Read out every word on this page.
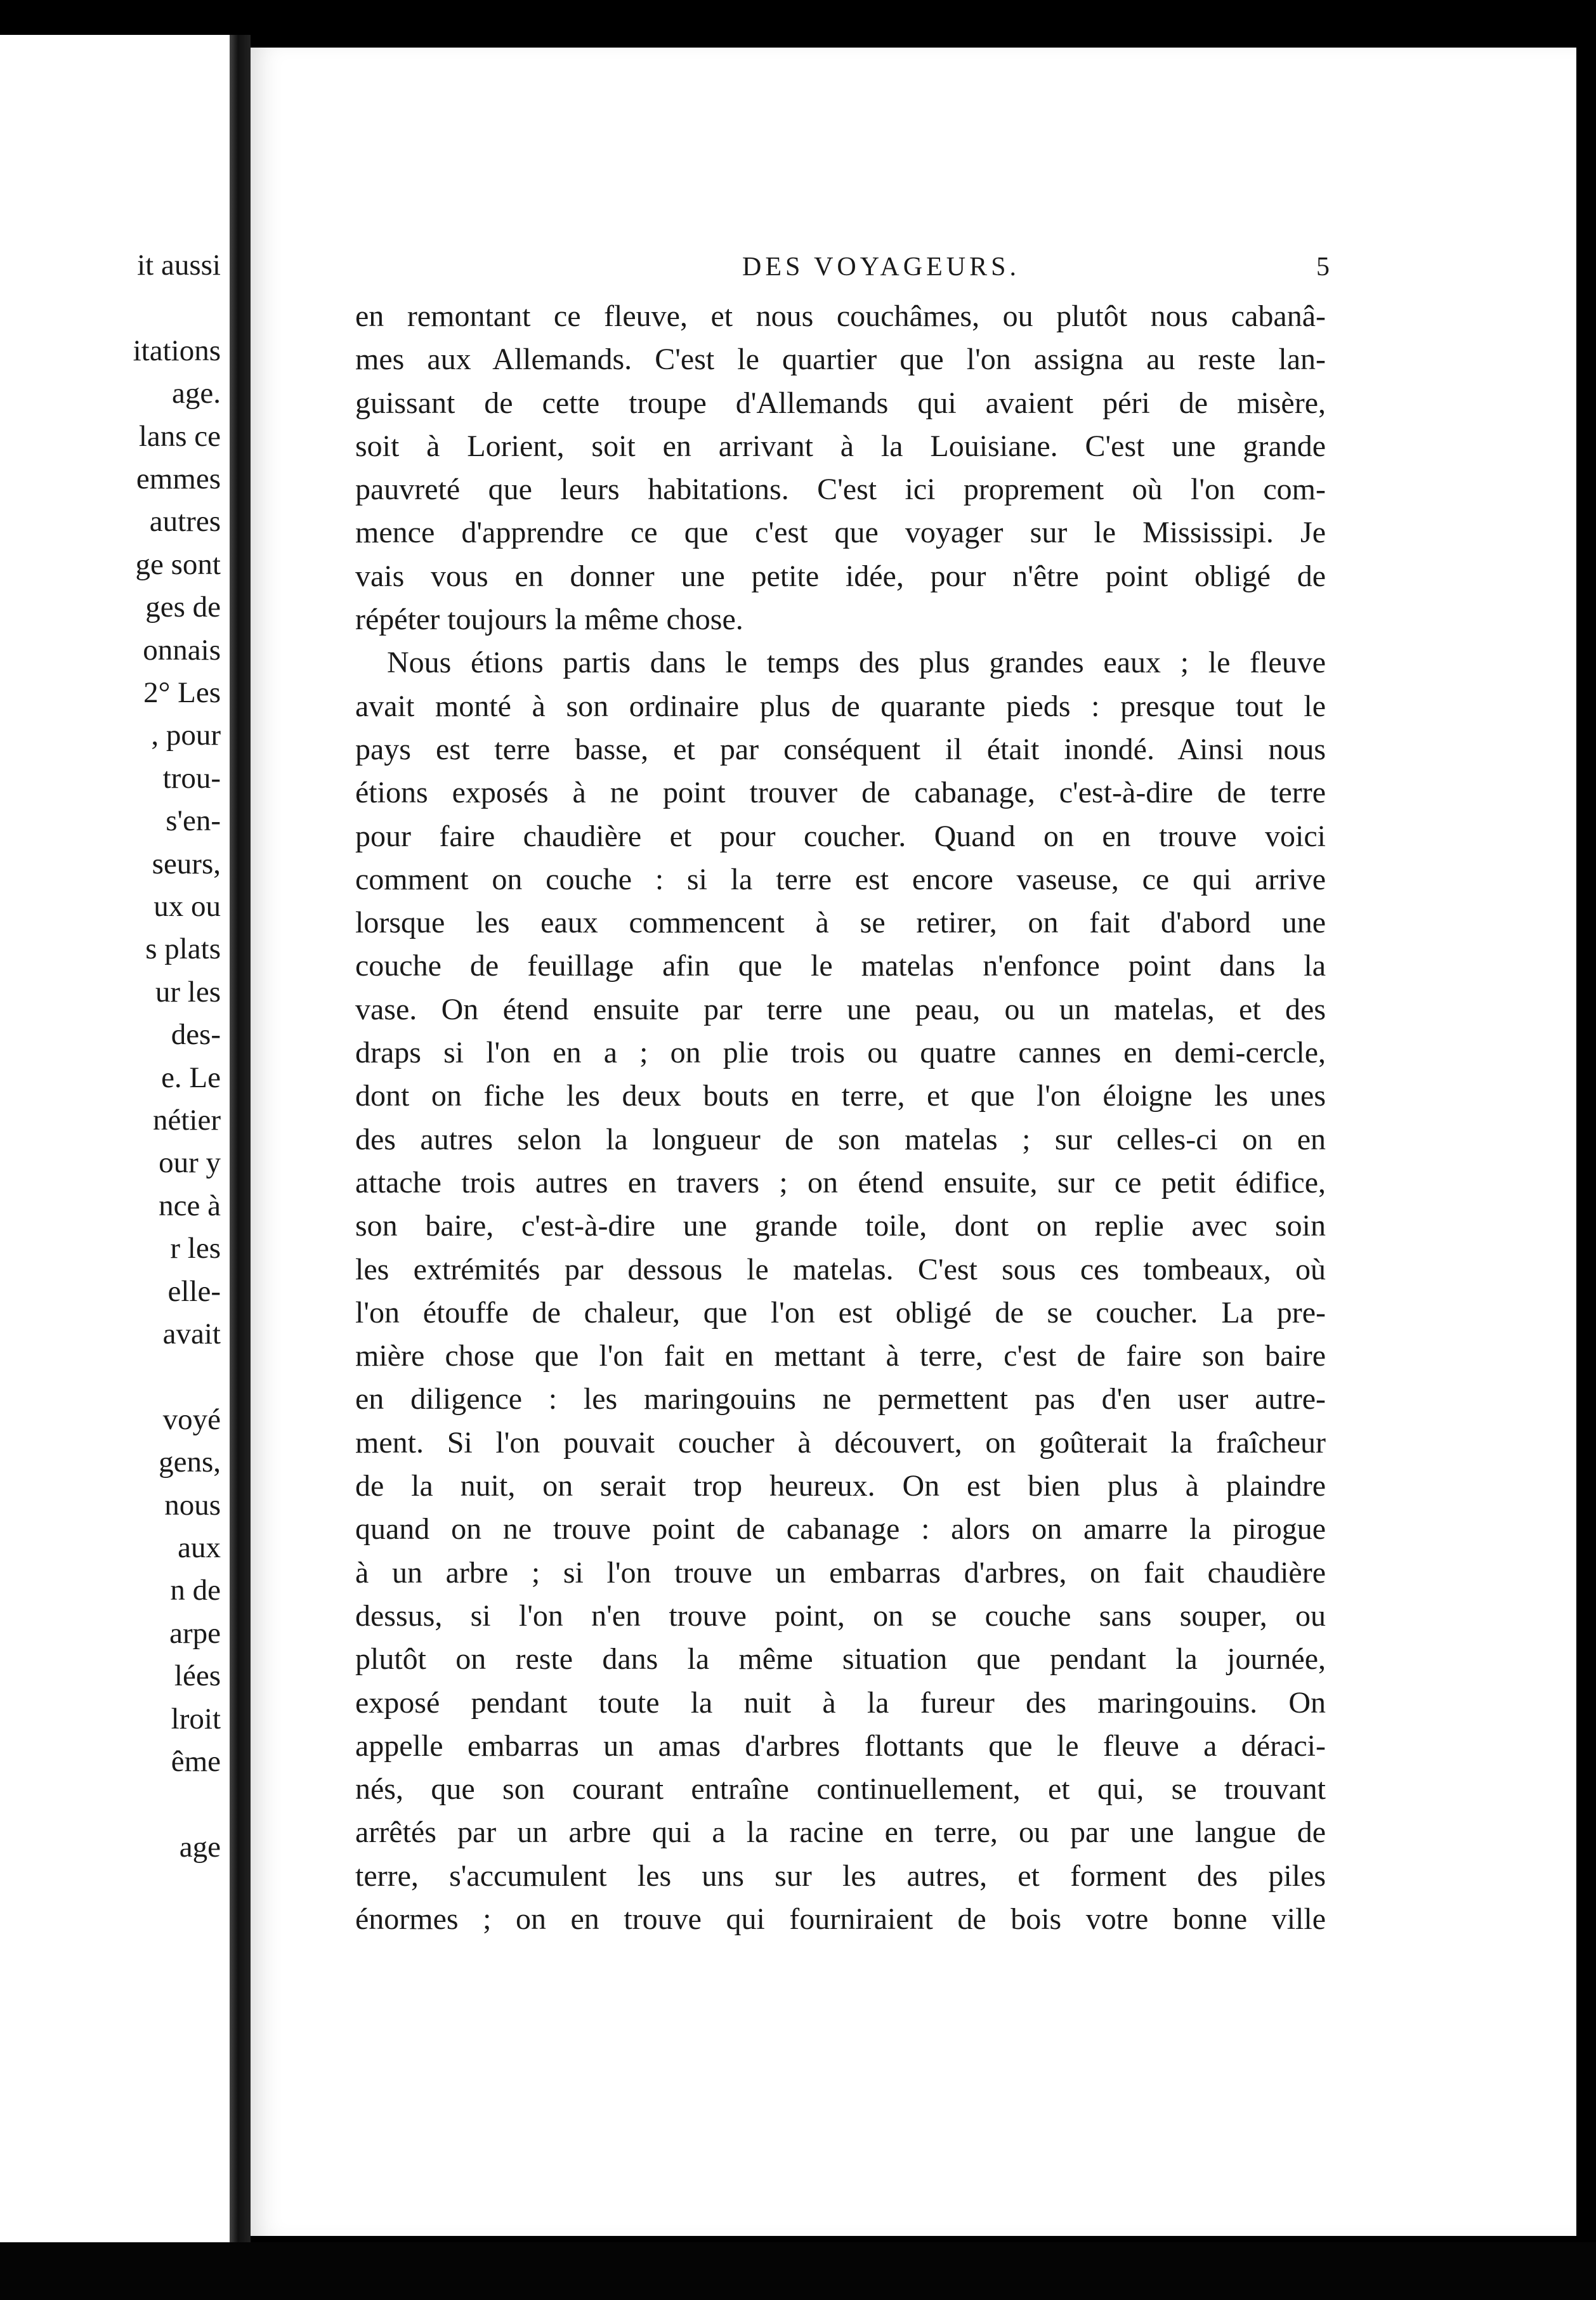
it aussi
itations
age.
lans ce
emmes
autres
ge sont
ges de
onnais
2° Les
, pour
trou-
s'en-
seurs,
ux ou
s plats
ur les
des-
e. Le
nétier
our y
nce à
r les
elle-
avait
voyé
gens,
nous
aux
n de
arpe
lées
lroit
ême
age
DES VOYAGEURS.	5
en remontant ce fleuve, et nous couchâmes, ou plutôt nous cabanâ-
mes aux Allemands. C'est le quartier que l'on assigna au reste lan-
guissant de cette troupe d'Allemands qui avaient péri de misère,
soit à Lorient, soit en arrivant à la Louisiane. C'est une grande
pauvreté que leurs habitations. C'est ici proprement où l'on com-
mence d'apprendre ce que c'est que voyager sur le Mississipi. Je
vais vous en donner une petite idée, pour n'être point obligé de
répéter toujours la même chose.
Nous étions partis dans le temps des plus grandes eaux ; le fleuve
avait monté à son ordinaire plus de quarante pieds : presque tout le
pays est terre basse, et par conséquent il était inondé. Ainsi nous
étions exposés à ne point trouver de cabanage, c'est-à-dire de terre
pour faire chaudière et pour coucher. Quand on en trouve voici
comment on couche : si la terre est encore vaseuse, ce qui arrive
lorsque les eaux commencent à se retirer, on fait d'abord une
couche de feuillage afin que le matelas n'enfonce point dans la
vase. On étend ensuite par terre une peau, ou un matelas, et des
draps si l'on en a ; on plie trois ou quatre cannes en demi-cercle,
dont on fiche les deux bouts en terre, et que l'on éloigne les unes
des autres selon la longueur de son matelas ; sur celles-ci on en
attache trois autres en travers ; on étend ensuite, sur ce petit édifice,
son baire, c'est-à-dire une grande toile, dont on replie avec soin
les extrémités par dessous le matelas. C'est sous ces tombeaux, où
l'on étouffe de chaleur, que l'on est obligé de se coucher. La pre-
mière chose que l'on fait en mettant à terre, c'est de faire son baire
en diligence : les maringouins ne permettent pas d'en user autre-
ment. Si l'on pouvait coucher à découvert, on goûterait la fraîcheur
de la nuit, on serait trop heureux. On est bien plus à plaindre
quand on ne trouve point de cabanage : alors on amarre la pirogue
à un arbre ; si l'on trouve un embarras d'arbres, on fait chaudière
dessus, si l'on n'en trouve point, on se couche sans souper, ou
plutôt on reste dans la même situation que pendant la journée,
exposé pendant toute la nuit à la fureur des maringouins. On
appelle embarras un amas d'arbres flottants que le fleuve a déraci-
nés, que son courant entraîne continuellement, et qui, se trouvant
arrêtés par un arbre qui a la racine en terre, ou par une langue de
terre, s'accumulent les uns sur les autres, et forment des piles
énormes ; on en trouve qui fourniraient de bois votre bonne ville
